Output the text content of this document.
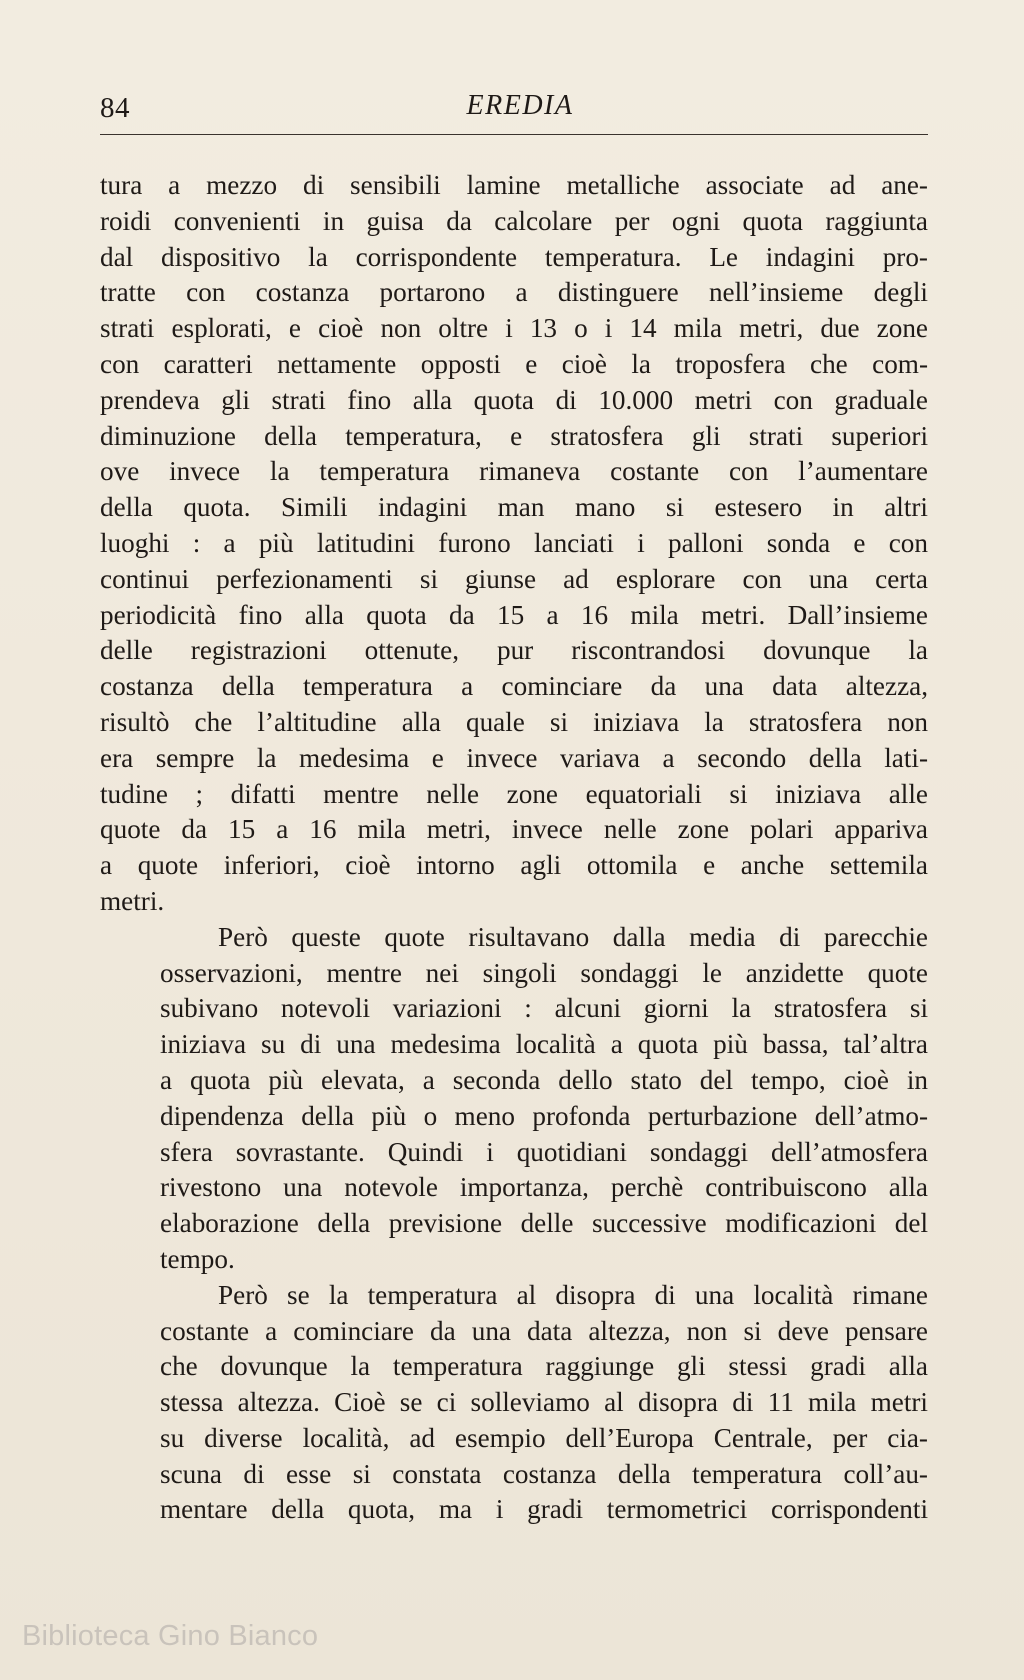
84	EREDIA

tura a mezzo di sensibili lamine metalliche associate ad ane-
roidi convenienti in guisa da calcolare per ogni quota raggiunta
dal dispositivo la corrispondente temperatura. Le indagini pro-
tratte con costanza portarono a distinguere nell’insieme degli
strati esplorati, e cioè non oltre i 13 o i 14 mila metri, due zone
con caratteri nettamente opposti e cioè la troposfera che com-
prendeva gli strati fino alla quota di 10.000 metri con graduale
diminuzione della temperatura, e stratosfera gli strati superiori
ove invece la temperatura rimaneva costante con l’aumentare
della quota. Simili indagini man mano si estesero in altri
luoghi : a più latitudini furono lanciati i palloni sonda e con
continui perfezionamenti si giunse ad esplorare con una certa
periodicità fino alla quota da 15 a 16 mila metri. Dall’insieme
delle registrazioni ottenute, pur riscontrandosi dovunque la
costanza della temperatura a cominciare da una data altezza,
risultò che l’altitudine alla quale si iniziava la stratosfera non
era sempre la medesima e invece variava a secondo della lati-
tudine ; difatti mentre nelle zone equatoriali si iniziava alle
quote da 15 a 16 mila metri, invece nelle zone polari appariva
a quote inferiori, cioè intorno agli ottomila e anche settemila
metri.

Però queste quote risultavano dalla media di parecchie
osservazioni, mentre nei singoli sondaggi le anzidette quote
subivano notevoli variazioni : alcuni giorni la stratosfera si
iniziava su di una medesima località a quota più bassa, tal’altra
a quota più elevata, a seconda dello stato del tempo, cioè in
dipendenza della più o meno profonda perturbazione dell’atmo-
sfera sovrastante. Quindi i quotidiani sondaggi dell’atmosfera
rivestono una notevole importanza, perchè contribuiscono alla
elaborazione della previsione delle successive modificazioni del
tempo.

Però se la temperatura al disopra di una località rimane
costante a cominciare da una data altezza, non si deve pensare
che dovunque la temperatura raggiunge gli stessi gradi alla
stessa altezza. Cioè se ci solleviamo al disopra di 11 mila metri
su diverse località, ad esempio dell’Europa Centrale, per cia-
scuna di esse si constata costanza della temperatura coll’au-
mentare della quota, ma i gradi termometrici corrispondenti

Biblioteca Gino Bianco
